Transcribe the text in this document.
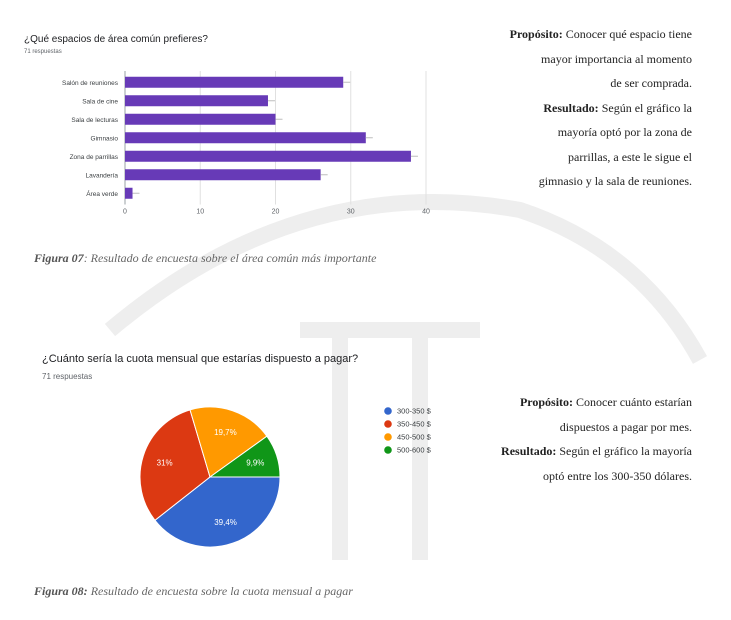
0	10	20	30	40
Salón de reuniones
Sala de cine
Sala de lecturas
Gimnasio
Zona de parrillas
Lavandería
Área verde
¿Qué espacios de área común prefieres?
71 respuestas
Figura 07: Resultado de encuesta sobre el área común más importante
Propósito: Conocer qué espacio tiene
mayor importancia al momento
de ser comprada.
Resultado: Según el gráfico la
mayoría optó por la zona de
parrillas, a este le sigue el
gimnasio y la sala de reuniones.
39,4%
31%
19,7%
9,9%
300-350 $
350-450 $
450-500 $
500-600 $
¿Cuánto sería la cuota mensual que estarías dispuesto a pagar?
71 respuestas
Propósito: Conocer cuánto estarían
dispuestos a pagar por mes.
Resultado: Según el gráfico la mayoría
optó entre los 300-350 dólares.
Figura 08: Resultado de encuesta sobre la cuota mensual a pagar
